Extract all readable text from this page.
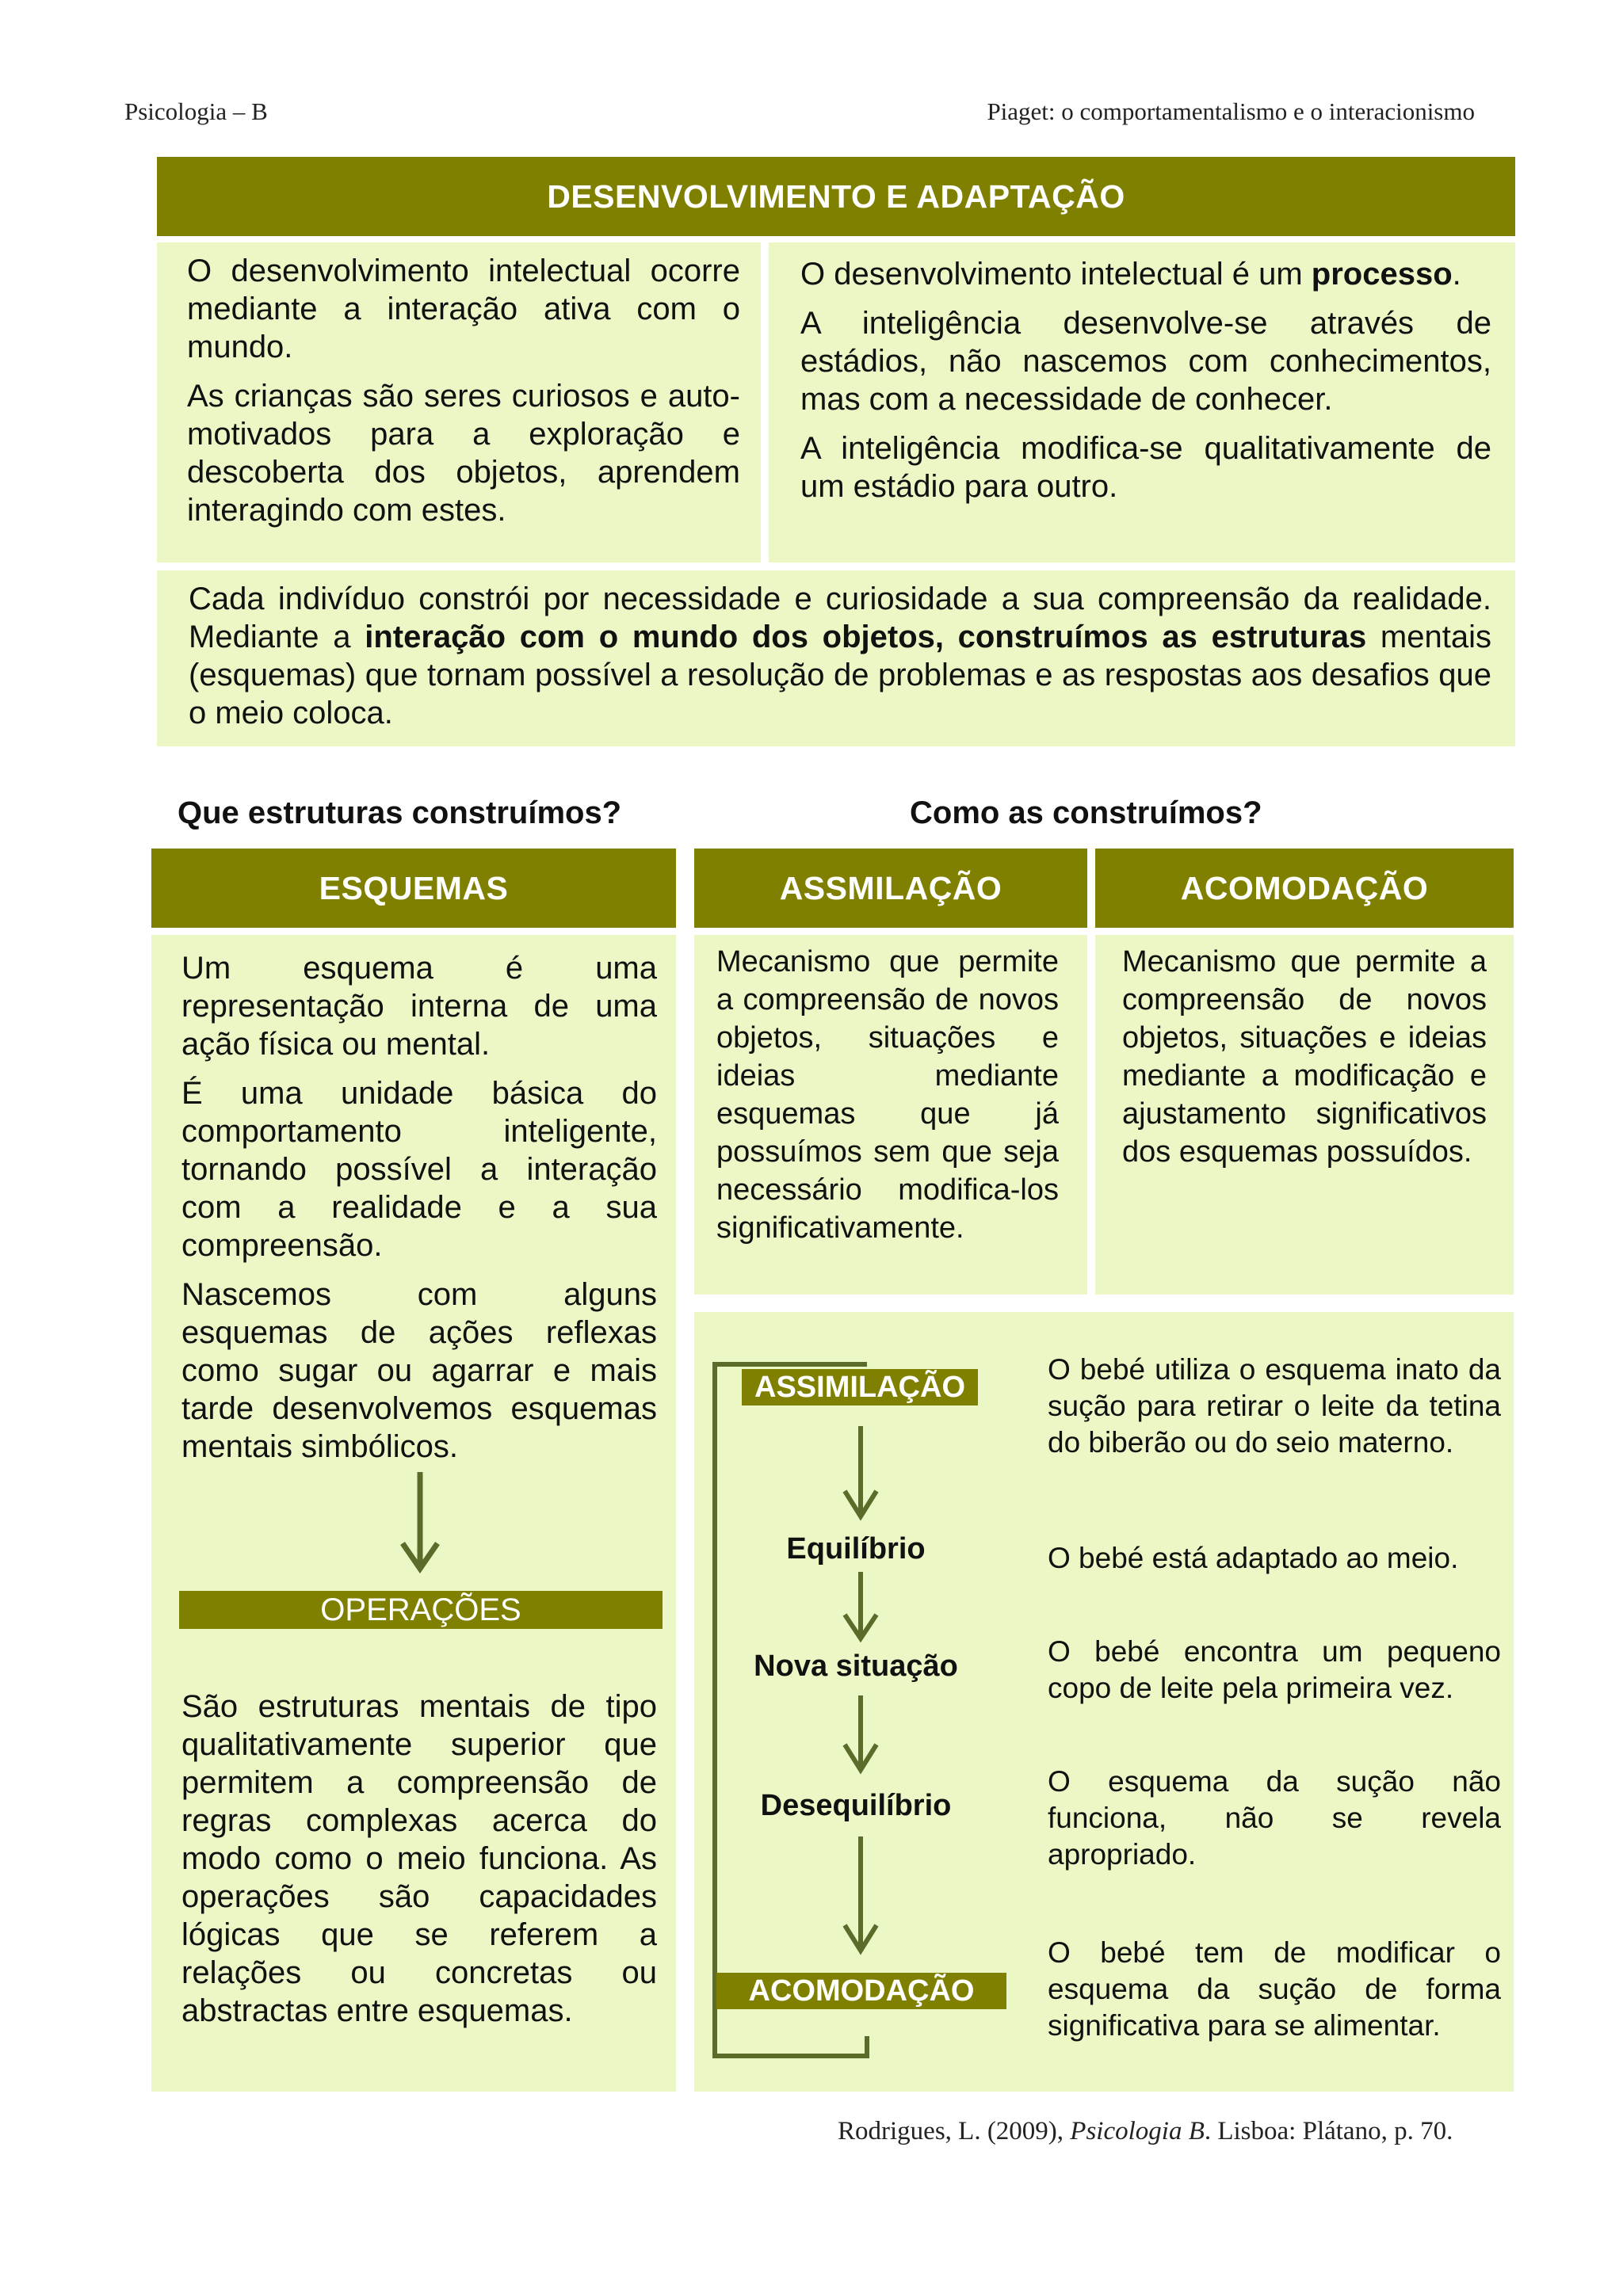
Psicologia – B	Piaget: o comportamentalismo e o interacionismo
DESENVOLVIMENTO E ADAPTAÇÃO

O desenvolvimento intelectual ocorre mediante a interação ativa com o mundo.

As crianças são seres curiosos e auto-motivados para a exploração e descoberta dos objetos, aprendem interagindo com estes.

O desenvolvimento intelectual é um processo.

A inteligência desenvolve-se através de estádios, não nascemos com conhecimentos, mas com a necessidade de conhecer.

A inteligência modifica-se qualitativamente de um estádio para outro.

Cada indivíduo constrói por necessidade e curiosidade a sua compreensão da realidade. Mediante a interação com o mundo dos objetos, construímos as estruturas mentais (esquemas) que tornam possível a resolução de problemas e as respostas aos desafios que o meio coloca.

Que estruturas construímos?	Como as construímos?
ESQUEMAS

Um esquema é uma representação interna de uma ação física ou mental.

É uma unidade básica do comportamento inteligente, tornando possível a interação com a realidade e a sua compreensão.

Nascemos com alguns esquemas de ações reflexas como sugar ou agarrar e mais tarde desenvolvemos esquemas mentais simbólicos.

OPERAÇÕES

São estruturas mentais de tipo qualitativamente superior que permitem a compreensão de regras complexas acerca do modo como o meio funciona. As operações são capacidades lógicas que se referem a relações ou concretas ou abstractas entre esquemas.

ASSMILAÇÃO

Mecanismo que permite a compreensão de novos objetos, situações e ideias mediante esquemas que já possuímos sem que seja necessário modifica-los significativamente.

ACOMODAÇÃO

Mecanismo que permite a compreensão de novos objetos, situações e ideias mediante a modificação e ajustamento significativos dos esquemas possuídos.

ASSIMILAÇÃO
Equilíbrio
Nova situação
Desequilíbrio
ACOMODAÇÃO

O bebé utiliza o esquema inato da sução para retirar o leite da tetina do biberão ou do seio materno.

O bebé está adaptado ao meio.

O bebé encontra um pequeno copo de leite pela primeira vez.

O esquema da sução não funciona, não se revela apropriado.

O bebé tem de modificar o esquema da sução de forma significativa para se alimentar.

Rodrigues, L. (2009), Psicologia B. Lisboa: Plátano, p. 70.
